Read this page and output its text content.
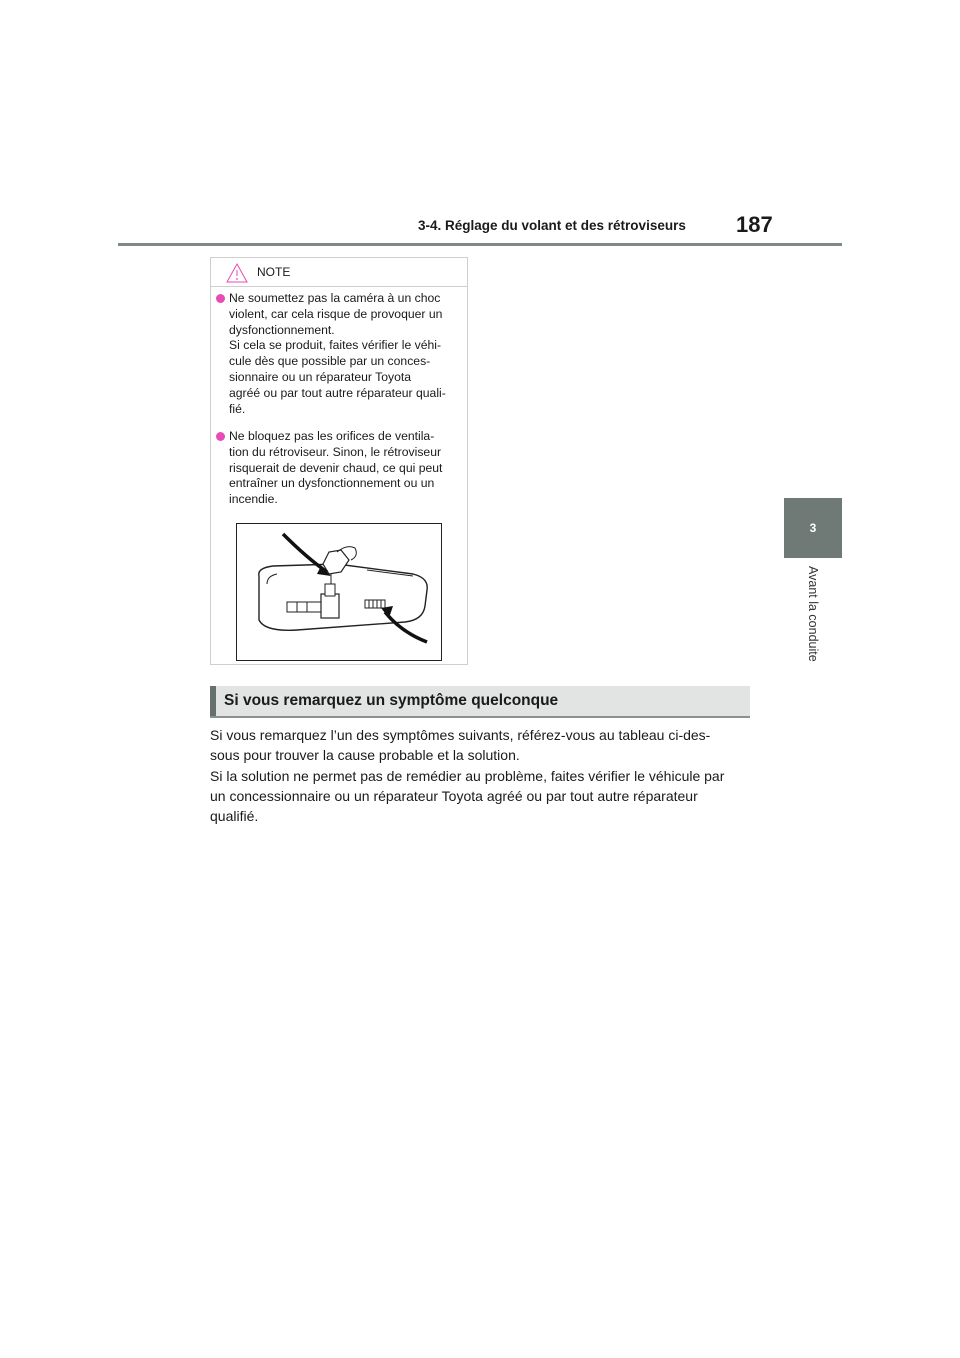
3-4. Réglage du volant et des rétroviseurs	187
3
Avant la conduite
NOTE
Ne soumettez pas la caméra à un choc
violent, car cela risque de provoquer un
dysfonctionnement.
Si cela se produit, faites vérifier le véhi-
cule dès que possible par un conces-
sionnaire ou un réparateur Toyota
agréé ou par tout autre réparateur quali-
fié.
Ne bloquez pas les orifices de ventila-
tion du rétroviseur. Sinon, le rétroviseur
risquerait de devenir chaud, ce qui peut
entraîner un dysfonctionnement ou un
incendie.
Si vous remarquez un symptôme quelconque
Si vous remarquez l’un des symptômes suivants, référez-vous au tableau ci-des-
sous pour trouver la cause probable et la solution.
Si la solution ne permet pas de remédier au problème, faites vérifier le véhicule par
un concessionnaire ou un réparateur Toyota agréé ou par tout autre réparateur
qualifié.
